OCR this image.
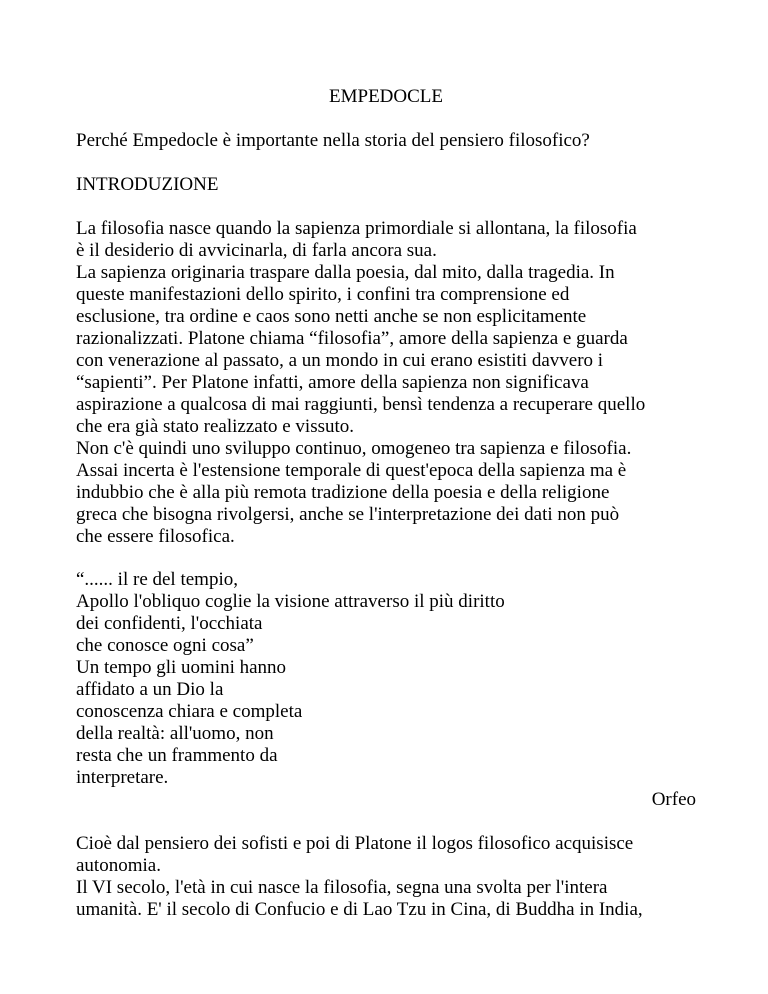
EMPEDOCLE
Perché Empedocle è importante nella storia del pensiero filosofico?
INTRODUZIONE
La filosofia nasce quando la sapienza primordiale si allontana, la filosofia
è il desiderio di avvicinarla, di farla ancora sua.
La sapienza originaria traspare dalla poesia, dal mito, dalla tragedia. In
queste manifestazioni dello spirito, i confini tra comprensione ed
esclusione, tra ordine e caos sono netti anche se non esplicitamente
razionalizzati. Platone chiama “filosofia”, amore della sapienza e guarda
con venerazione al passato, a un mondo in cui erano esistiti davvero i
“sapienti”. Per Platone infatti, amore della sapienza non significava
aspirazione a qualcosa di mai raggiunti, bensì tendenza a recuperare quello
che era già stato realizzato e vissuto.
Non c'è quindi uno sviluppo continuo, omogeneo tra sapienza e filosofia.
Assai incerta è l'estensione temporale di quest'epoca della sapienza ma è
indubbio che è alla più remota tradizione della poesia e della religione
greca che bisogna rivolgersi, anche se l'interpretazione dei dati non può
che essere filosofica.
“...... il re del tempio,
Apollo l'obliquo coglie la visione attraverso il più diritto
dei confidenti, l'occhiata
che conosce ogni cosa”
Un tempo gli uomini hanno
affidato a un Dio la
conoscenza chiara e completa
della realtà: all'uomo, non
resta che un frammento da
interpretare.
Orfeo
Cioè dal pensiero dei sofisti e poi di Platone il logos filosofico acquisisce
autonomia.
Il VI secolo, l'età in cui nasce la filosofia, segna una svolta per l'intera
umanità. E' il secolo di Confucio e di Lao Tzu in Cina, di Buddha in India,
